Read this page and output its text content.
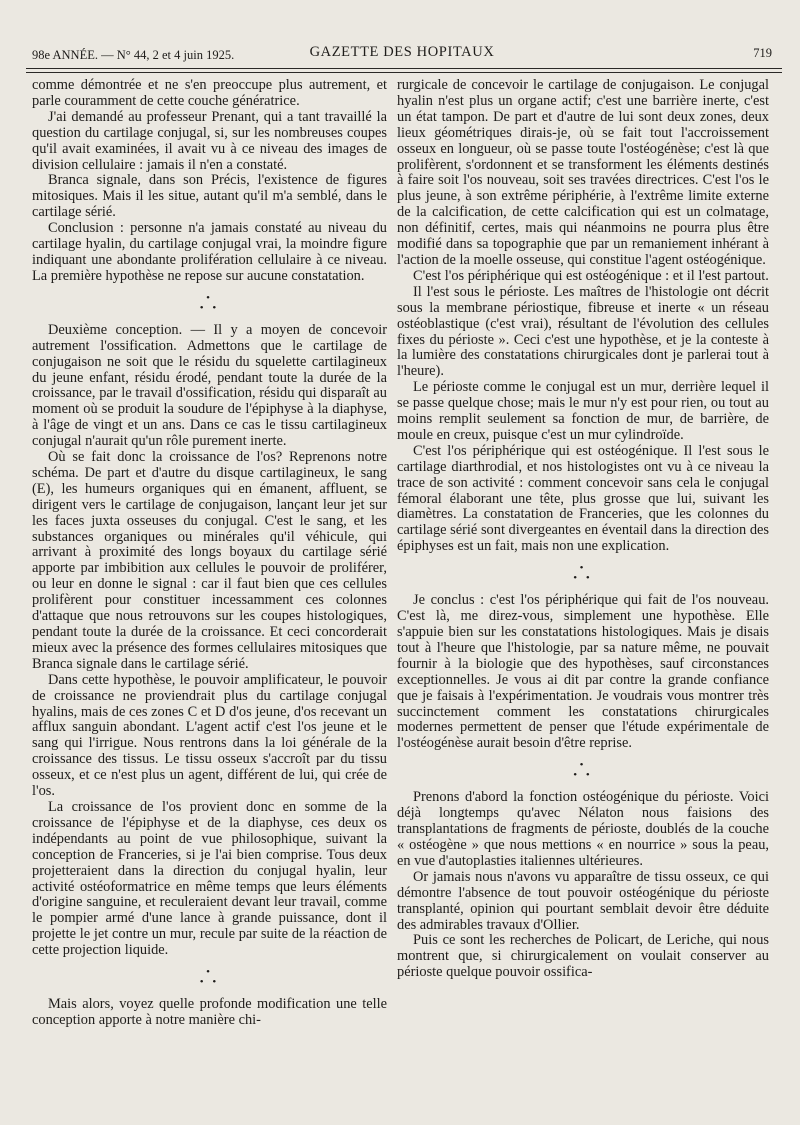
98e ANNÉE. — N° 44, 2 et 4 juin 1925.	GAZETTE DES HOPITAUX	719

comme démontrée et ne s'en preoccupe plus autrement, et parle couramment de cette couche génératrice.

J'ai demandé au professeur Prenant, qui a tant travaillé la question du cartilage conjugal, si, sur les nombreuses coupes qu'il avait examinées, il avait vu à ce niveau des images de division cellulaire : jamais il n'en a constaté.

Branca signale, dans son Précis, l'existence de figures mitosiques. Mais il les situe, autant qu'il m'a semblé, dans le cartilage sérié.

Conclusion : personne n'a jamais constaté au niveau du cartilage hyalin, du cartilage conjugal vrai, la moindre figure indiquant une abondante prolifération cellulaire à ce niveau. La première hypothèse ne repose sur aucune constatation.

•
• •

Deuxième conception. — Il y a moyen de concevoir autrement l'ossification. Admettons que le cartilage de conjugaison ne soit que le résidu du squelette cartilagineux du jeune enfant, résidu érodé, pendant toute la durée de la croissance, par le travail d'ossification, résidu qui disparaît au moment où se produit la soudure de l'épiphyse à la diaphyse, à l'âge de vingt et un ans. Dans ce cas le tissu cartilagineux conjugal n'aurait qu'un rôle purement inerte.

Où se fait donc la croissance de l'os? Reprenons notre schéma. De part et d'autre du disque cartilagineux, le sang (E), les humeurs organiques qui en émanent, affluent, se dirigent vers le cartilage de conjugaison, lançant leur jet sur les faces juxta osseuses du conjugal. C'est le sang, et les substances organiques ou minérales qu'il véhicule, qui arrivant à proximité des longs boyaux du cartilage sérié apporte par imbibition aux cellules le pouvoir de proliférer, ou leur en donne le signal : car il faut bien que ces cellules prolifèrent pour constituer incessamment ces colonnes d'attaque que nous retrouvons sur les coupes histologiques, pendant toute la durée de la croissance. Et ceci concorderait mieux avec la présence des formes cellulaires mitosiques que Branca signale dans le cartilage sérié.

Dans cette hypothèse, le pouvoir amplificateur, le pouvoir de croissance ne proviendrait plus du cartilage conjugal hyalins, mais de ces zones C et D d'os jeune, d'os recevant un afflux sanguin abondant. L'agent actif c'est l'os jeune et le sang qui l'irrigue. Nous rentrons dans la loi générale de la croissance des tissus. Le tissu osseux s'accroît par du tissu osseux, et ce n'est plus un agent, différent de lui, qui crée de l'os.

La croissance de l'os provient donc en somme de la croissance de l'épiphyse et de la diaphyse, ces deux os indépendants au point de vue philosophique, suivant la conception de Franceries, si je l'ai bien comprise. Tous deux projetteraient dans la direction du conjugal hyalin, leur activité ostéoformatrice en même temps que leurs éléments d'origine sanguine, et reculeraient devant leur travail, comme le pompier armé d'une lance à grande puissance, dont il projette le jet contre un mur, recule par suite de la réaction de cette projection liquide.

•
• •

Mais alors, voyez quelle profonde modification une telle conception apporte à notre manière chi-

rurgicale de concevoir le cartilage de conjugaison. Le conjugal hyalin n'est plus un organe actif; c'est une barrière inerte, c'est un état tampon. De part et d'autre de lui sont deux zones, deux lieux géométriques dirais-je, où se fait tout l'accroissement osseux en longueur, où se passe toute l'ostéogénèse; c'est là que prolifèrent, s'ordonnent et se transforment les éléments destinés à faire soit l'os nouveau, soit ses travées directrices. C'est l'os le plus jeune, à son extrême périphérie, à l'extrême limite externe de la calcification, de cette calcification qui est un colmatage, non définitif, certes, mais qui néanmoins ne pourra plus être modifié dans sa topographie que par un remaniement inhérant à l'action de la moelle osseuse, qui constitue l'agent ostéogénique.

C'est l'os périphérique qui est ostéogénique : et il l'est partout.

Il l'est sous le périoste. Les maîtres de l'histologie ont décrit sous la membrane périostique, fibreuse et inerte « un réseau ostéoblastique (c'est vrai), résultant de l'évolution des cellules fixes du périoste ». Ceci c'est une hypothèse, et je la conteste à la lumière des constatations chirurgicales dont je parlerai tout à l'heure).

Le périoste comme le conjugal est un mur, derrière lequel il se passe quelque chose; mais le mur n'y est pour rien, ou tout au moins remplit seulement sa fonction de mur, de barrière, de moule en creux, puisque c'est un mur cylindroïde.

C'est l'os périphérique qui est ostéogénique. Il l'est sous le cartilage diarthrodial, et nos histologistes ont vu à ce niveau la trace de son activité : comment concevoir sans cela le conjugal fémoral élaborant une tête, plus grosse que lui, suivant les diamètres. La constatation de Franceries, que les colonnes du cartilage sérié sont divergeantes en éventail dans la direction des épiphyses est un fait, mais non une explication.

•
• •

Je conclus : c'est l'os périphérique qui fait de l'os nouveau. C'est là, me direz-vous, simplement une hypothèse. Elle s'appuie bien sur les constatations histologiques. Mais je disais tout à l'heure que l'histologie, par sa nature même, ne pouvait fournir à la biologie que des hypothèses, sauf circonstances exceptionnelles. Je vous ai dit par contre la grande confiance que je faisais à l'expérimentation. Je voudrais vous montrer très succinctement comment les constatations chirurgicales modernes permettent de penser que l'étude expérimentale de l'ostéogénèse aurait besoin d'être reprise.

•
• •

Prenons d'abord la fonction ostéogénique du périoste. Voici déjà longtemps qu'avec Nélaton nous faisions des transplantations de fragments de périoste, doublés de la couche « ostéogène » que nous mettions « en nourrice » sous la peau, en vue d'autoplasties italiennes ultérieures.

Or jamais nous n'avons vu apparaître de tissu osseux, ce qui démontre l'absence de tout pouvoir ostéogénique du périoste transplanté, opinion qui pourtant semblait devoir être déduite des admirables travaux d'Ollier.

Puis ce sont les recherches de Policart, de Leriche, qui nous montrent que, si chirurgicalement on voulait conserver au périoste quelque pouvoir ossifica-
